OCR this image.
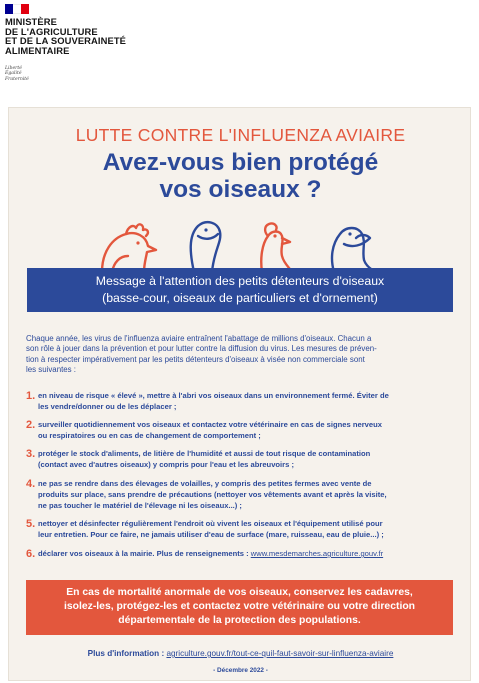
MINISTÈRE
DE L'AGRICULTURE
ET DE LA SOUVERAINETÉ
ALIMENTAIRE
Liberté
Égalité
Fraternité
LUTTE CONTRE L'INFLUENZA AVIAIRE
Avez-vous bien protégé
vos oiseaux ?
Message à l'attention des petits détenteurs d'oiseaux
(basse-cour, oiseaux de particuliers et d'ornement)
Chaque année, les virus de l'influenza aviaire entraînent l'abattage de millions d'oiseaux. Chacun a
son rôle à jouer dans la prévention et pour lutter contre la diffusion du virus. Les mesures de préven-
tion à respecter impérativement par les petits détenteurs d'oiseaux à visée non commerciale sont
les suivantes :
1. en niveau de risque « élevé », mettre à l'abri vos oiseaux dans un environnement fermé. Éviter de
les vendre/donner ou de les déplacer ;
2. surveiller quotidiennement vos oiseaux et contactez votre vétérinaire en cas de signes nerveux
ou respiratoires ou en cas de changement de comportement ;
3. protéger le stock d'aliments, de litière de l'humidité et aussi de tout risque de contamination
(contact avec d'autres oiseaux) y compris pour l'eau et les abreuvoirs ;
4. ne pas se rendre dans des élevages de volailles, y compris des petites fermes avec vente de
produits sur place, sans prendre de précautions (nettoyer vos vêtements avant et après la visite,
ne pas toucher le matériel de l'élevage ni les oiseaux...) ;
5. nettoyer et désinfecter régulièrement l'endroit où vivent les oiseaux et l'équipement utilisé pour
leur entretien. Pour ce faire, ne jamais utiliser d'eau de surface (mare, ruisseau, eau de pluie...) ;
6. déclarer vos oiseaux à la mairie. Plus de renseignements : www.mesdemarches.agriculture.gouv.fr
En cas de mortalité anormale de vos oiseaux, conservez les cadavres,
isolez-les, protégez-les et contactez votre vétérinaire ou votre direction
départementale de la protection des populations.
Plus d'information : agriculture.gouv.fr/tout-ce-quil-faut-savoir-sur-linfluenza-aviaire
- Décembre 2022 -
